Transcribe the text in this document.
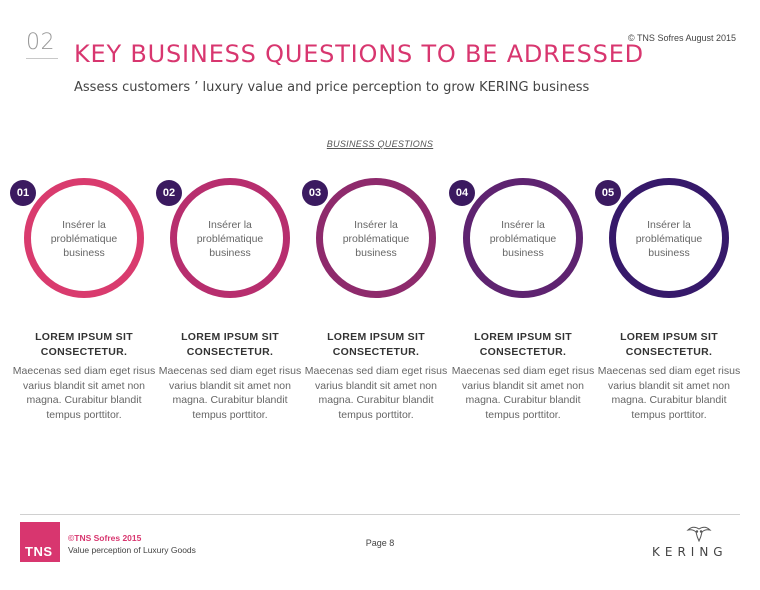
02 KEY BUSINESS QUESTIONS TO BE ADRESSED
© TNS Sofres August 2015
Assess customers ’ luxury value and price perception to grow KERING business
BUSINESS QUESTIONS
Insérer la problématique business
01
LOREM IPSUM SIT CONSECTETUR.
Maecenas sed diam eget risus varius blandit sit amet non magna. Curabitur blandit tempus porttitor.
Insérer la problématique business
02
LOREM IPSUM SIT CONSECTETUR.
Maecenas sed diam eget risus varius blandit sit amet non magna. Curabitur blandit tempus porttitor.
Insérer la problématique business
03
LOREM IPSUM SIT CONSECTETUR.
Maecenas sed diam eget risus varius blandit sit amet non magna. Curabitur blandit tempus porttitor.
Insérer la problématique business
04
LOREM IPSUM SIT CONSECTETUR.
Maecenas sed diam eget risus varius blandit sit amet non magna. Curabitur blandit tempus porttitor.
Insérer la problématique business
05
LOREM IPSUM SIT CONSECTETUR.
Maecenas sed diam eget risus varius blandit sit amet non magna. Curabitur blandit tempus porttitor.
TNS
©TNS Sofres 2015
Value perception of Luxury Goods
Page 8
KERING
